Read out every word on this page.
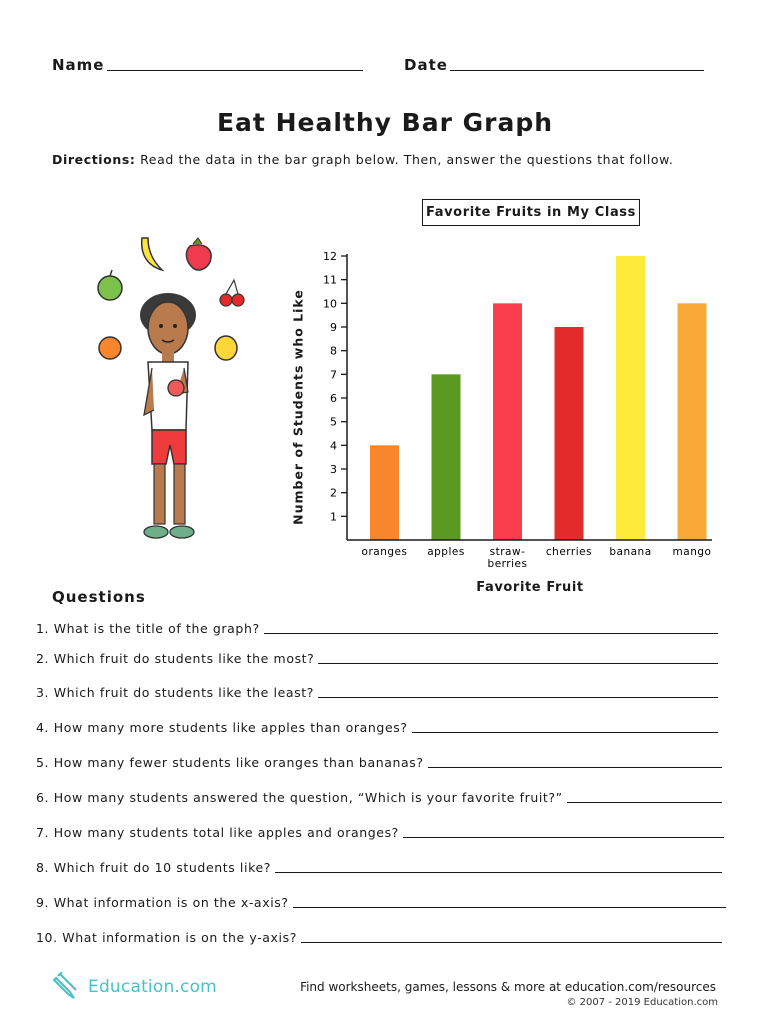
Name	Date
Eat Healthy Bar Graph
Directions: Read the data in the bar graph below. Then, answer the questions that follow.
Favorite Fruits in My Class
Number of Students who Like 1
2
3
4
5
6
7
8
9
10
11
12
oranges apples straw-berries
cherries banana mango
Favorite Fruit
Questions
1. What is the title of the graph?
2. Which fruit do students like the most?
3. Which fruit do students like the least?
4. How many more students like apples than oranges?
5. How many fewer students like oranges than bananas?
6. How many students answered the question, “Which is your favorite fruit?”
7. How many students total like apples and oranges?
8. Which fruit do 10 students like?
9. What information is on the x-axis?
10. What information is on the y-axis?
Education.com	Find worksheets, games, lessons & more at education.com/resources
© 2007 - 2019 Education.com
